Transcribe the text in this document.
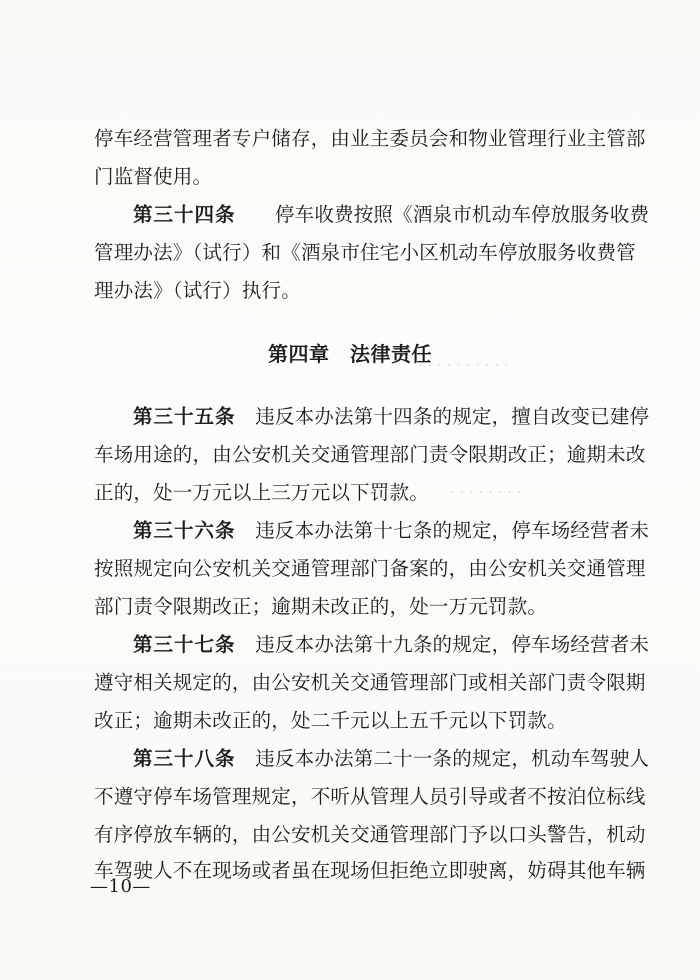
· · · · · · · · · ·
· · · · · · · ·
停车经营管理者专户储存，由业主委员会和物业管理行业主管部
门监督使用。
第三十四条　　 停车收费按照《酒泉市机动车停放服务收费
管理办法》（试行）和《酒泉市住宅小区机动车停放服务收费管
理办法》（试行）执行。
第四章　法律责任
第三十五条　 违反本办法第十四条的规定，擅自改变已建停
车场用途的，由公安机关交通管理部门责令限期改正；逾期未改
正的，处一万元以上三万元以下罚款。
第三十六条　 违反本办法第十七条的规定，停车场经营者未
按照规定向公安机关交通管理部门备案的，由公安机关交通管理
部门责令限期改正；逾期未改正的，处一万元罚款。
第三十七条　 违反本办法第十九条的规定，停车场经营者未
遵守相关规定的，由公安机关交通管理部门或相关部门责令限期
改正；逾期未改正的，处二千元以上五千元以下罚款。
第三十八条　 违反本办法第二十一条的规定，机动车驾驶人
不遵守停车场管理规定，不听从管理人员引导或者不按泊位标线
有序停放车辆的，由公安机关交通管理部门予以口头警告，机动
车驾驶人不在现场或者虽在现场但拒绝立即驶离，妨碍其他车辆
—10—
